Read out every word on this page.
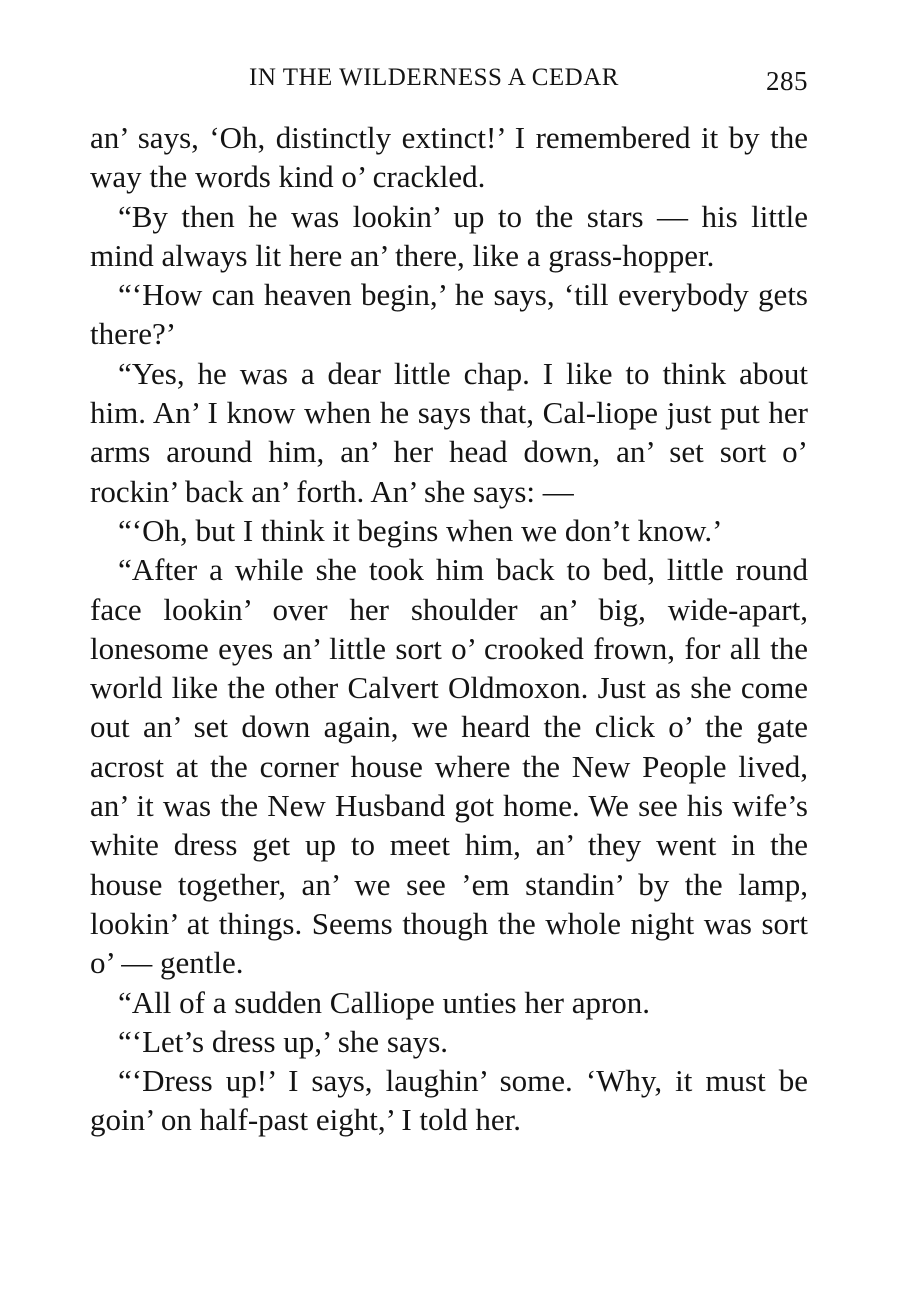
IN THE WILDERNESS A CEDAR	285

an’ says, ‘Oh, distinctly extinct!’ I remembered it by the way the words kind o’ crackled.

“By then he was lookin’ up to the stars — his little mind always lit here an’ there, like a grass-hopper.

“‘How can heaven begin,’ he says, ‘till everybody gets there?’

“Yes, he was a dear little chap. I like to think about him. An’ I know when he says that, Cal-liope just put her arms around him, an’ her head down, an’ set sort o’ rockin’ back an’ forth. An’ she says: —

“‘Oh, but I think it begins when we don’t know.’

“After a while she took him back to bed, little round face lookin’ over her shoulder an’ big, wide-apart, lonesome eyes an’ little sort o’ crooked frown, for all the world like the other Calvert Oldmoxon. Just as she come out an’ set down again, we heard the click o’ the gate acrost at the corner house where the New People lived, an’ it was the New Husband got home. We see his wife’s white dress get up to meet him, an’ they went in the house together, an’ we see ’em standin’ by the lamp, lookin’ at things. Seems though the whole night was sort o’ — gentle.

“All of a sudden Calliope unties her apron.

“‘Let’s dress up,’ she says.

“‘Dress up!’ I says, laughin’ some. ‘Why, it must be goin’ on half-past eight,’ I told her.
